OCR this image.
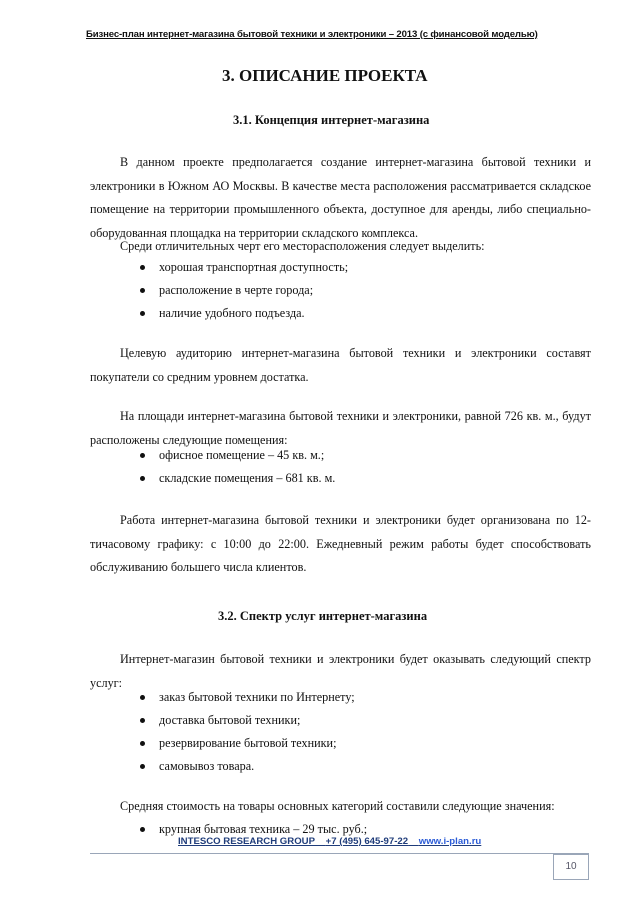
Бизнес-план интернет-магазина бытовой техники и электроники – 2013 (с финансовой моделью)
3. ОПИСАНИЕ ПРОЕКТА
3.1. Концепция интернет-магазина
В данном проекте предполагается создание интернет-магазина бытовой техники и электроники в Южном АО Москвы. В качестве места расположения рассматривается складское помещение на территории промышленного объекта, доступное для аренды, либо специально-оборудованная площадка на территории складского комплекса.
Среди отличительных черт его месторасположения следует выделить:
хорошая транспортная доступность;
расположение в черте города;
наличие удобного подъезда.
Целевую аудиторию интернет-магазина бытовой техники и электроники составят покупатели со средним уровнем достатка.
На площади интернет-магазина бытовой техники и электроники, равной 726 кв. м., будут расположены следующие помещения:
офисное помещение – 45 кв. м.;
складские помещения – 681 кв. м.
Работа интернет-магазина бытовой техники и электроники будет организована по 12-тичасовому графику: с 10:00 до 22:00. Ежедневный режим работы будет способствовать обслуживанию большего числа клиентов.
3.2. Спектр услуг интернет-магазина
Интернет-магазин бытовой техники и электроники будет оказывать следующий спектр услуг:
заказ бытовой техники по Интернету;
доставка бытовой техники;
резервирование бытовой техники;
самовывоз товара.
Средняя стоимость на товары основных категорий составили следующие значения:
крупная бытовая техника – 29 тыс. руб.;
INTESCO RESEARCH GROUP +7 (495) 645-97-22 www.i-plan.ru
10
